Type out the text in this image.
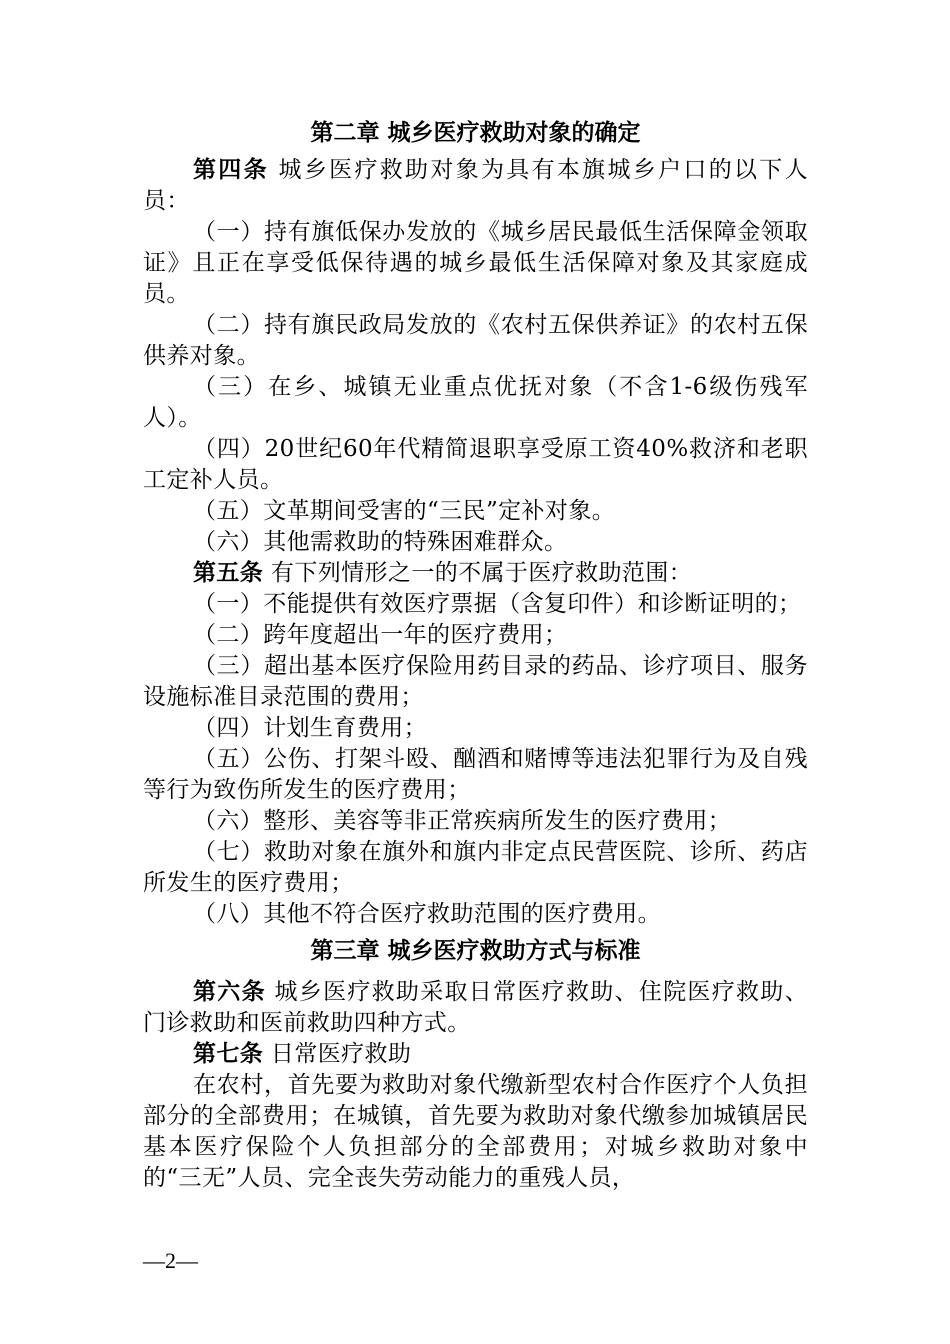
第二章 城乡医疗救助对象的确定

第四条 城乡医疗救助对象为具有本旗城乡户口的以下人员：

（一）持有旗低保办发放的《城乡居民最低生活保障金领取证》且正在享受低保待遇的城乡最低生活保障对象及其家庭成员。

（二）持有旗民政局发放的《农村五保供养证》的农村五保供养对象。

（三）在乡、城镇无业重点优抚对象（不含1-6级伤残军人）。

（四）20世纪60年代精简退职享受原工资40%救济和老职工定补人员。

（五）文革期间受害的“三民”定补对象。

（六）其他需救助的特殊困难群众。

第五条 有下列情形之一的不属于医疗救助范围：

（一）不能提供有效医疗票据（含复印件）和诊断证明的；

（二）跨年度超出一年的医疗费用；

（三）超出基本医疗保险用药目录的药品、诊疗项目、服务设施标准目录范围的费用；

（四）计划生育费用；

（五）公伤、打架斗殴、酗酒和赌博等违法犯罪行为及自残等行为致伤所发生的医疗费用；

（六）整形、美容等非正常疾病所发生的医疗费用；

（七）救助对象在旗外和旗内非定点民营医院、诊所、药店所发生的医疗费用；

（八）其他不符合医疗救助范围的医疗费用。

第三章 城乡医疗救助方式与标准

第六条 城乡医疗救助采取日常医疗救助、住院医疗救助、门诊救助和医前救助四种方式。

第七条 日常医疗救助

在农村，首先要为救助对象代缴新型农村合作医疗个人负担部分的全部费用；在城镇，首先要为救助对象代缴参加城镇居民基本医疗保险个人负担部分的全部费用；对城乡救助对象中的“三无”人员、完全丧失劳动能力的重残人员，

—2—
